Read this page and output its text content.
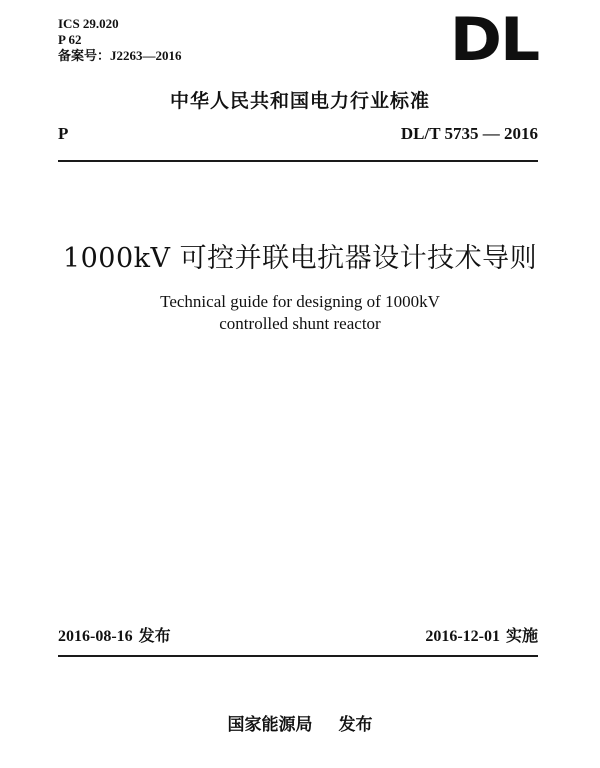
ICS 29.020
P 62
备案号：J2263—2016	DL
中华人民共和国电力行业标准
P	DL/T 5735 — 2016
1000kV 可控并联电抗器设计技术导则
Technical guide for designing of 1000kV
controlled shunt reactor
2016-08-16 发布	2016-12-01 实施
国家能源局 发布
